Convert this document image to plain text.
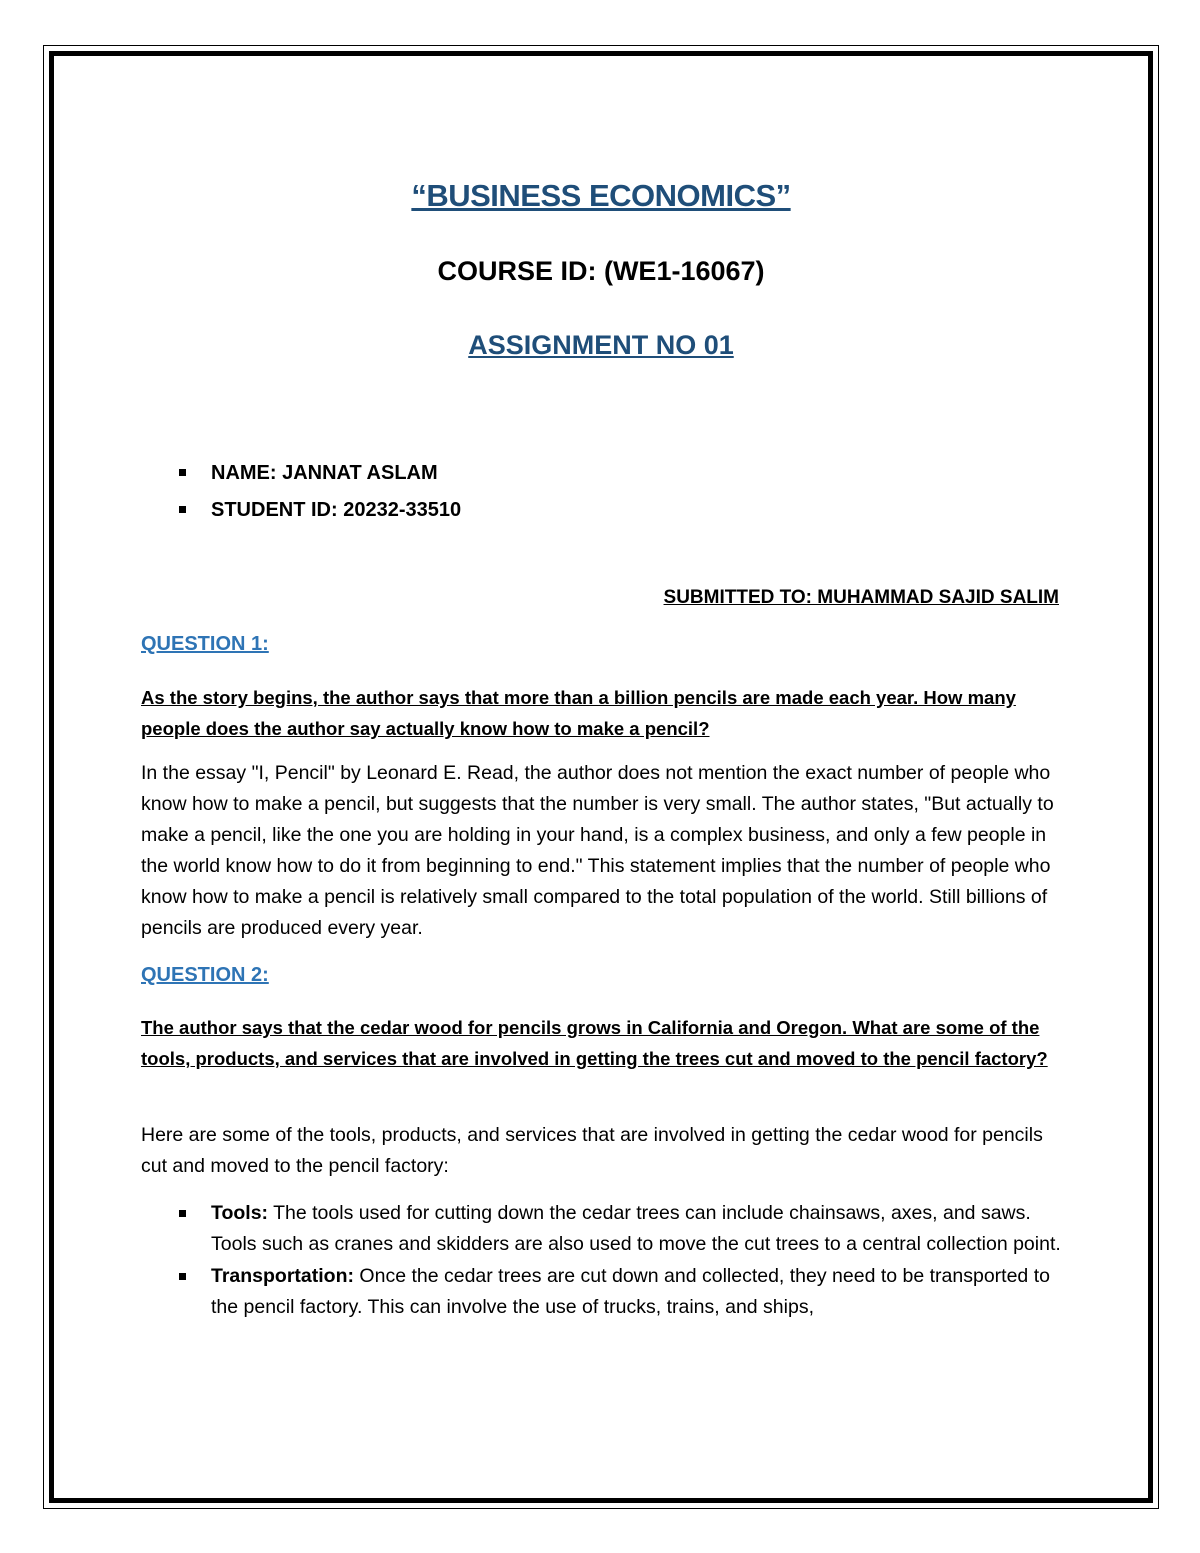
“BUSINESS ECONOMICS”
COURSE ID: (WE1-16067)
ASSIGNMENT NO 01
NAME: JANNAT ASLAM
STUDENT ID: 20232-33510

SUBMITTED TO: MUHAMMAD SAJID SALIM

QUESTION 1:

As the story begins, the author says that more than a billion pencils are made each year. How many people does the author say actually know how to make a pencil?

In the essay "I, Pencil" by Leonard E. Read, the author does not mention the exact number of people who know how to make a pencil, but suggests that the number is very small. The author states, "But actually to make a pencil, like the one you are holding in your hand, is a complex business, and only a few people in the world know how to do it from beginning to end." This statement implies that the number of people who know how to make a pencil is relatively small compared to the total population of the world. Still billions of pencils are produced every year.

QUESTION 2:

The author says that the cedar wood for pencils grows in California and Oregon. What are some of the tools, products, and services that are involved in getting the trees cut and moved to the pencil factory?

Here are some of the tools, products, and services that are involved in getting the cedar wood for pencils cut and moved to the pencil factory:

Tools: The tools used for cutting down the cedar trees can include chainsaws, axes, and saws. Tools such as cranes and skidders are also used to move the cut trees to a central collection point.
Transportation: Once the cedar trees are cut down and collected, they need to be transported to the pencil factory. This can involve the use of trucks, trains, and ships,
